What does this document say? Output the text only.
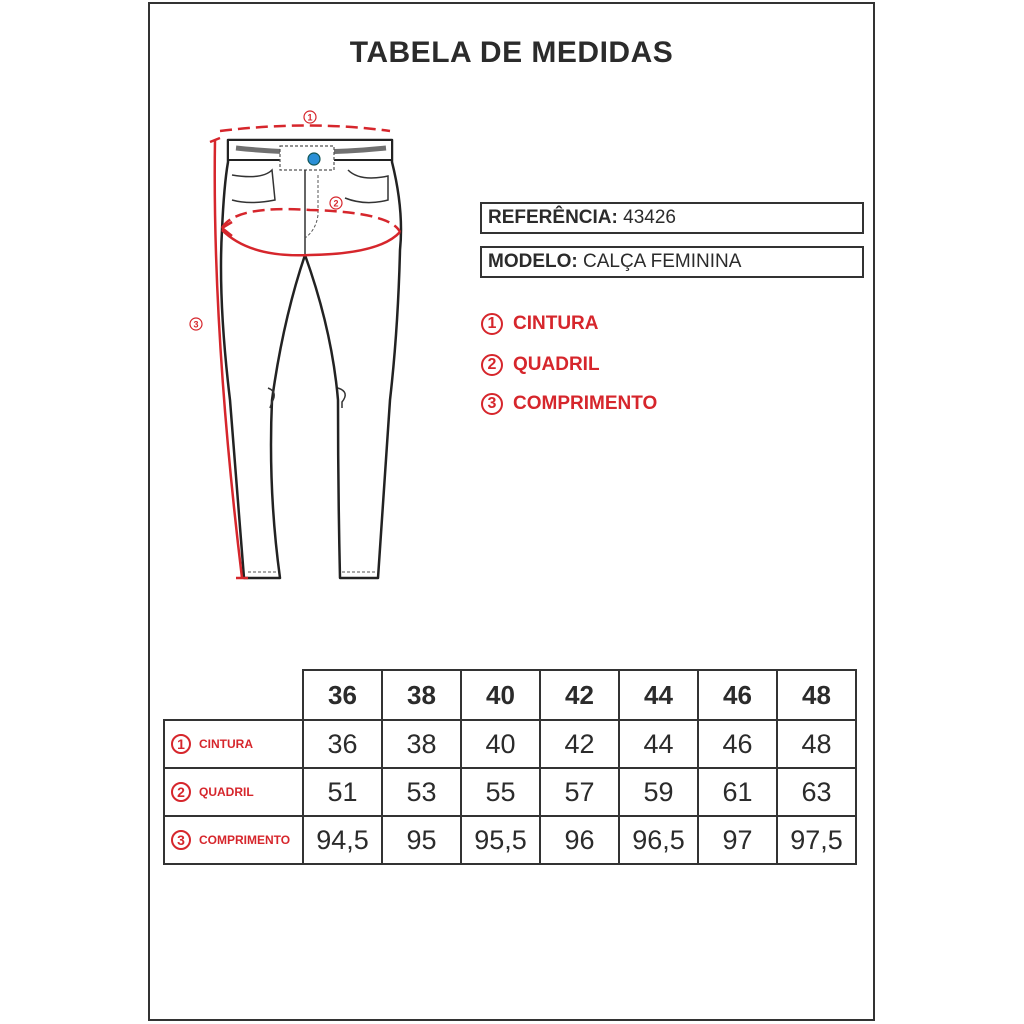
TABELA DE MEDIDAS
1
2
3
REFERÊNCIA: 43426
MODELO: CALÇA FEMININA
1 CINTURA
2 QUADRIL
3 COMPRIMENTO
	36	38	40	42	44	46	48

1 CINTURA	36	38	40	42	44	46	48

2 QUADRIL	51	53	55	57	59	61	63

3 COMPRIMENTO	94,5	95	95,5	96	96,5	97	97,5
